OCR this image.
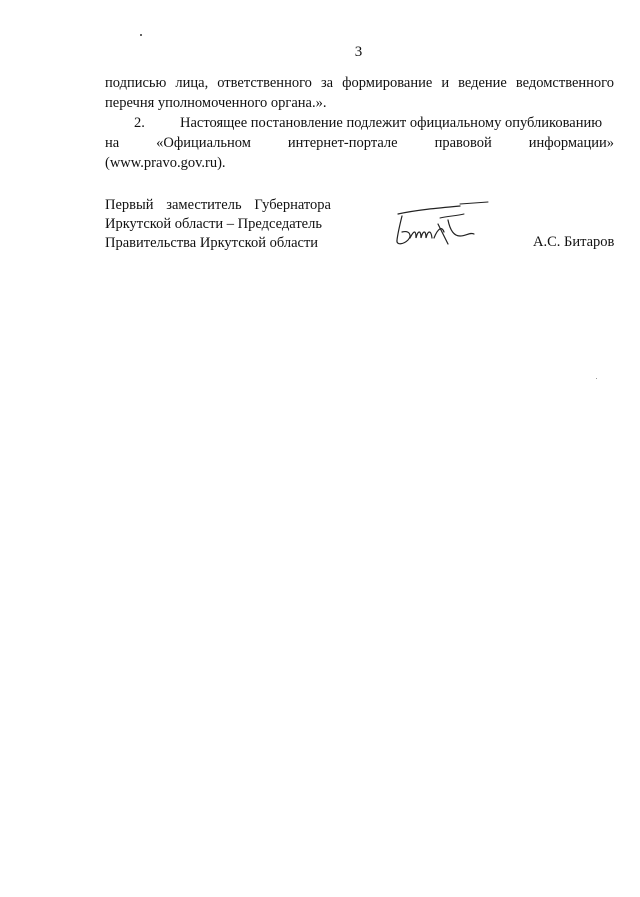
3
подписью лица, ответственного за формирование и ведение ведомственного
перечня уполномоченного органа.».
2. Настоящее постановление подлежит официальному опубликованию
на	«Официальном	интернет-портале	правовой	информации»
(www.pravo.gov.ru).
Первый заместитель Губернатора
Иркутской области – Председатель
Правительства Иркутской области	А.С. Битаров
